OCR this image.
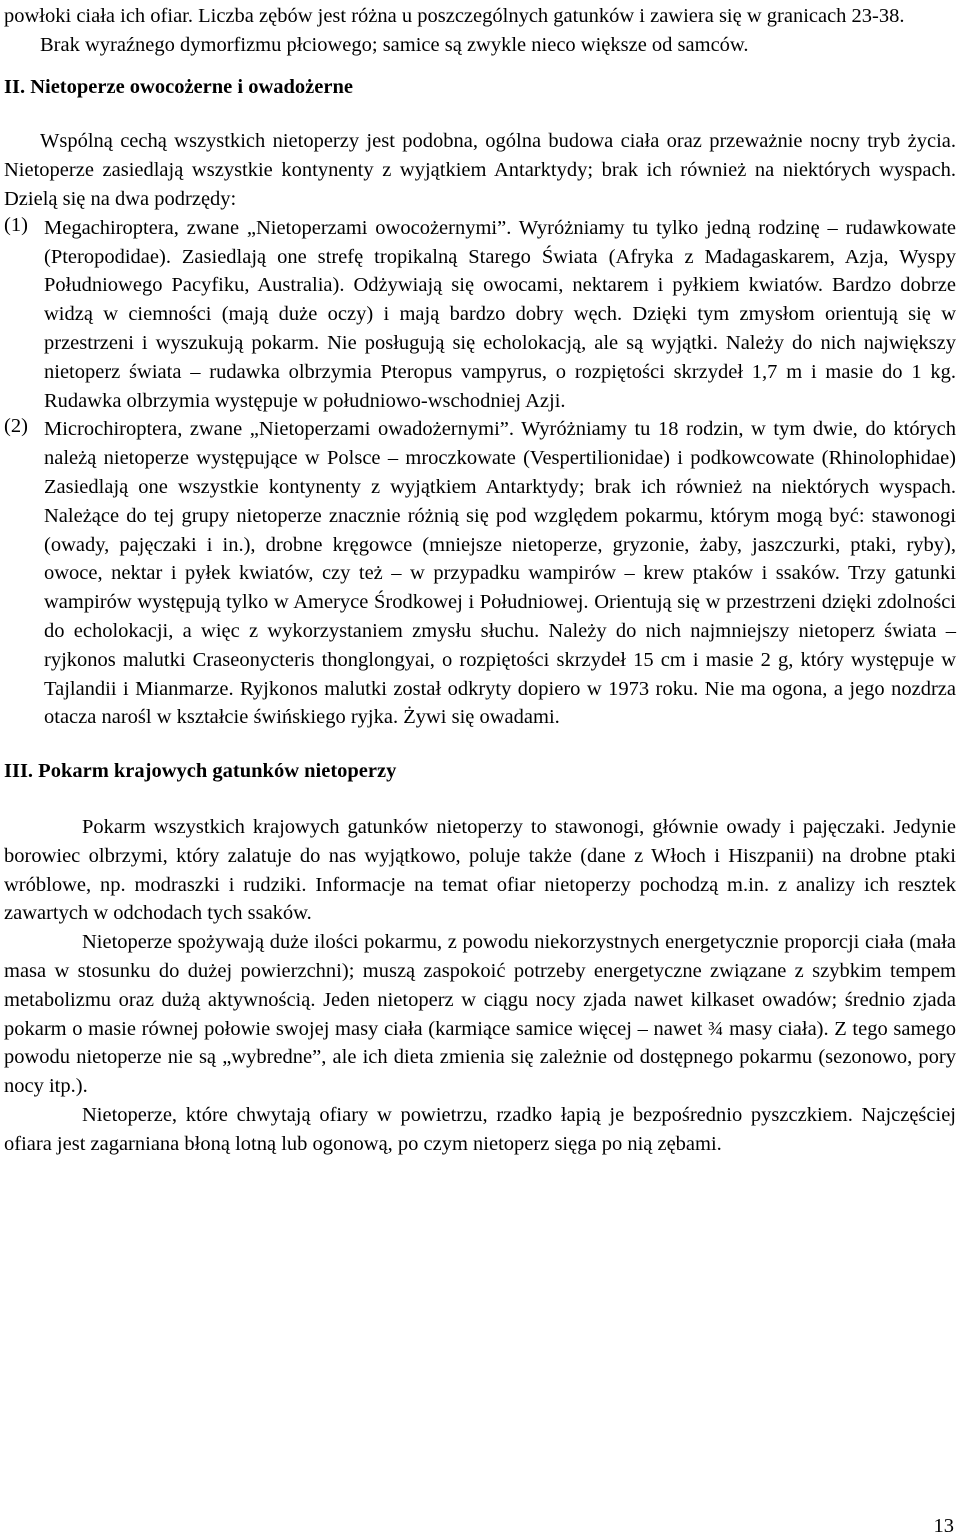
powłoki ciała ich ofiar. Liczba zębów jest różna u poszczególnych gatunków i zawiera się w granicach 23-38.

Brak wyraźnego dymorfizmu płciowego; samice są zwykle nieco większe od samców.

II. Nietoperze owocożerne i owadożerne

Wspólną cechą wszystkich nietoperzy jest podobna, ogólna budowa ciała oraz przeważnie nocny tryb życia. Nietoperze zasiedlają wszystkie kontynenty z wyjątkiem Antarktydy; brak ich również na niektórych wyspach. Dzielą się na dwa podrzędy:

(1) Megachiroptera, zwane „Nietoperzami owocożernymi”. Wyróżniamy tu tylko jedną rodzinę – rudawkowate (Pteropodidae). Zasiedlają one strefę tropikalną Starego Świata (Afryka z Madagaskarem, Azja, Wyspy Południowego Pacyfiku, Australia). Odżywiają się owocami, nektarem i pyłkiem kwiatów. Bardzo dobrze widzą w ciemności (mają duże oczy) i mają bardzo dobry węch. Dzięki tym zmysłom orientują się w przestrzeni i wyszukują pokarm. Nie posługują się echolokacją, ale są wyjątki. Należy do nich największy nietoperz świata – rudawka olbrzymia Pteropus vampyrus, o rozpiętości skrzydeł 1,7 m i masie do 1 kg. Rudawka olbrzymia występuje w południowo-wschodniej Azji.

(2) Microchiroptera, zwane „Nietoperzami owadożernymi”. Wyróżniamy tu 18 rodzin, w tym dwie, do których należą nietoperze występujące w Polsce – mroczkowate (Vespertilionidae) i podkowcowate (Rhinolophidae) Zasiedlają one wszystkie kontynenty z wyjątkiem Antarktydy; brak ich również na niektórych wyspach. Należące do tej grupy nietoperze znacznie różnią się pod względem pokarmu, którym mogą być: stawonogi (owady, pajęczaki i in.), drobne kręgowce (mniejsze nietoperze, gryzonie, żaby, jaszczurki, ptaki, ryby), owoce, nektar i pyłek kwiatów, czy też – w przypadku wampirów – krew ptaków i ssaków. Trzy gatunki wampirów występują tylko w Ameryce Środkowej i Południowej. Orientują się w przestrzeni dzięki zdolności do echolokacji, a więc z wykorzystaniem zmysłu słuchu. Należy do nich najmniejszy nietoperz świata – ryjkonos malutki Craseonycteris thonglongyai, o rozpiętości skrzydeł 15 cm i masie 2 g, który występuje w Tajlandii i Mianmarze. Ryjkonos malutki został odkryty dopiero w 1973 roku. Nie ma ogona, a jego nozdrza otacza narośl w kształcie świńskiego ryjka. Żywi się owadami.

III. Pokarm krajowych gatunków nietoperzy

Pokarm wszystkich krajowych gatunków nietoperzy to stawonogi, głównie owady i pajęczaki. Jedynie borowiec olbrzymi, który zalatuje do nas wyjątkowo, poluje także (dane z Włoch i Hiszpanii) na drobne ptaki wróblowe, np. modraszki i rudziki. Informacje na temat ofiar nietoperzy pochodzą m.in. z analizy ich resztek zawartych w odchodach tych ssaków.

Nietoperze spożywają duże ilości pokarmu, z powodu niekorzystnych energetycznie proporcji ciała (mała masa w stosunku do dużej powierzchni); muszą zaspokoić potrzeby energetyczne związane z szybkim tempem metabolizmu oraz dużą aktywnością. Jeden nietoperz w ciągu nocy zjada nawet kilkaset owadów; średnio zjada pokarm o masie równej połowie swojej masy ciała (karmiące samice więcej – nawet ¾ masy ciała). Z tego samego powodu nietoperze nie są „wybredne”, ale ich dieta zmienia się zależnie od dostępnego pokarmu (sezonowo, pory nocy itp.).

Nietoperze, które chwytają ofiary w powietrzu, rzadko łapią je bezpośrednio pyszczkiem. Najczęściej ofiara jest zagarniana błoną lotną lub ogonową, po czym nietoperz sięga po nią zębami.

13
